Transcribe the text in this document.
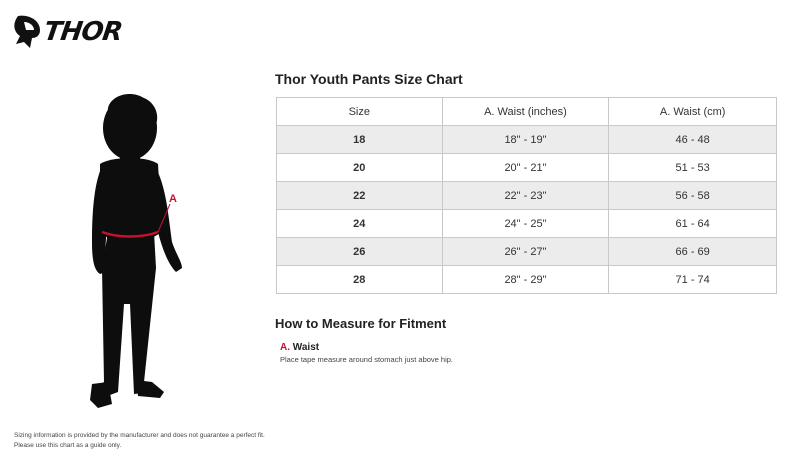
THOR
A
Thor Youth Pants Size Chart
Size	A. Waist (inches)	A. Waist (cm)
18	18" - 19"	46 - 48
20	20" - 21"	51 - 53
22	22" - 23"	56 - 58
24	24" - 25"	61 - 64
26	26" - 27"	66 - 69
28	28" - 29"	71 - 74
How to Measure for Fitment
A. Waist
Place tape measure around stomach just above hip.
Sizing information is provided by the manufacturer and does not guarantee a perfect fit.
Please use this chart as a guide only.
